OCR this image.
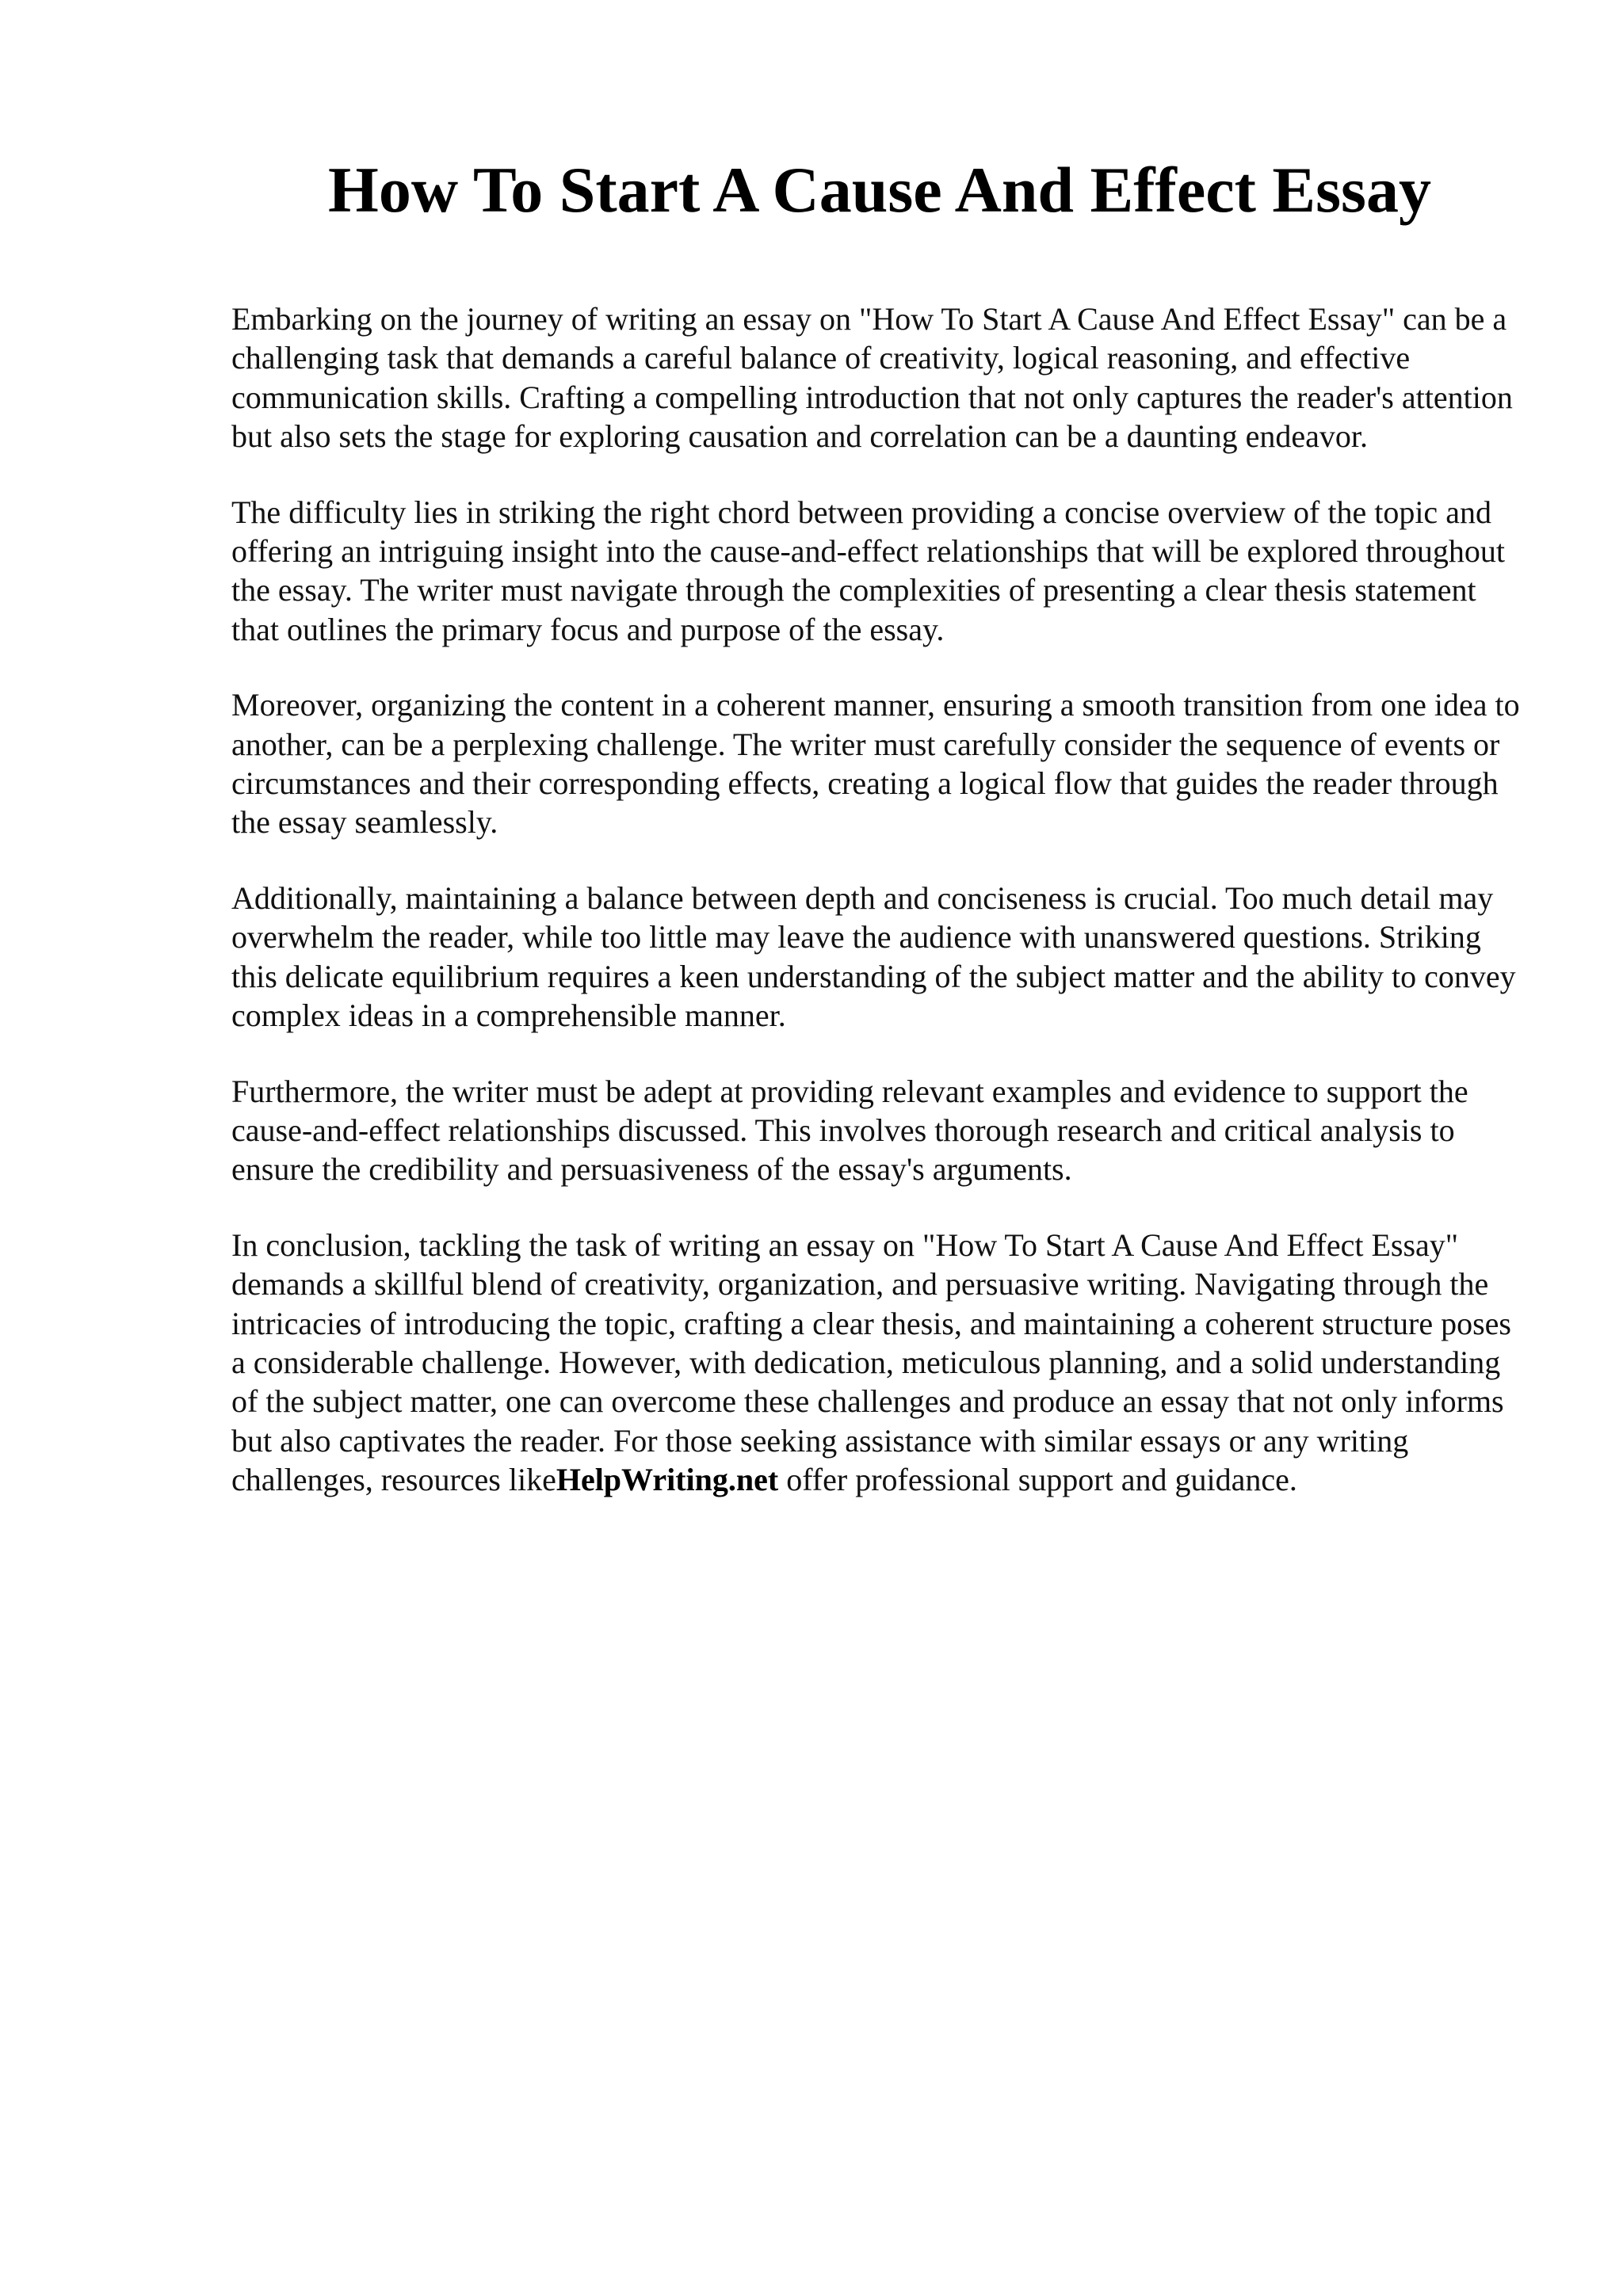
How To Start A Cause And Effect Essay

Embarking on the journey of writing an essay on "How To Start A Cause And Effect Essay" can be a challenging task that demands a careful balance of creativity, logical reasoning, and effective communication skills. Crafting a compelling introduction that not only captures the reader's attention but also sets the stage for exploring causation and correlation can be a daunting endeavor.

The difficulty lies in striking the right chord between providing a concise overview of the topic and offering an intriguing insight into the cause-and-effect relationships that will be explored throughout the essay. The writer must navigate through the complexities of presenting a clear thesis statement that outlines the primary focus and purpose of the essay.

Moreover, organizing the content in a coherent manner, ensuring a smooth transition from one idea to another, can be a perplexing challenge. The writer must carefully consider the sequence of events or circumstances and their corresponding effects, creating a logical flow that guides the reader through the essay seamlessly.

Additionally, maintaining a balance between depth and conciseness is crucial. Too much detail may overwhelm the reader, while too little may leave the audience with unanswered questions. Striking this delicate equilibrium requires a keen understanding of the subject matter and the ability to convey complex ideas in a comprehensible manner.

Furthermore, the writer must be adept at providing relevant examples and evidence to support the cause-and-effect relationships discussed. This involves thorough research and critical analysis to ensure the credibility and persuasiveness of the essay's arguments.

In conclusion, tackling the task of writing an essay on "How To Start A Cause And Effect Essay" demands a skillful blend of creativity, organization, and persuasive writing. Navigating through the intricacies of introducing the topic, crafting a clear thesis, and maintaining a coherent structure poses a considerable challenge. However, with dedication, meticulous planning, and a solid understanding of the subject matter, one can overcome these challenges and produce an essay that not only informs but also captivates the reader. For those seeking assistance with similar essays or any writing challenges, resources likeHelpWriting.net offer professional support and guidance.
